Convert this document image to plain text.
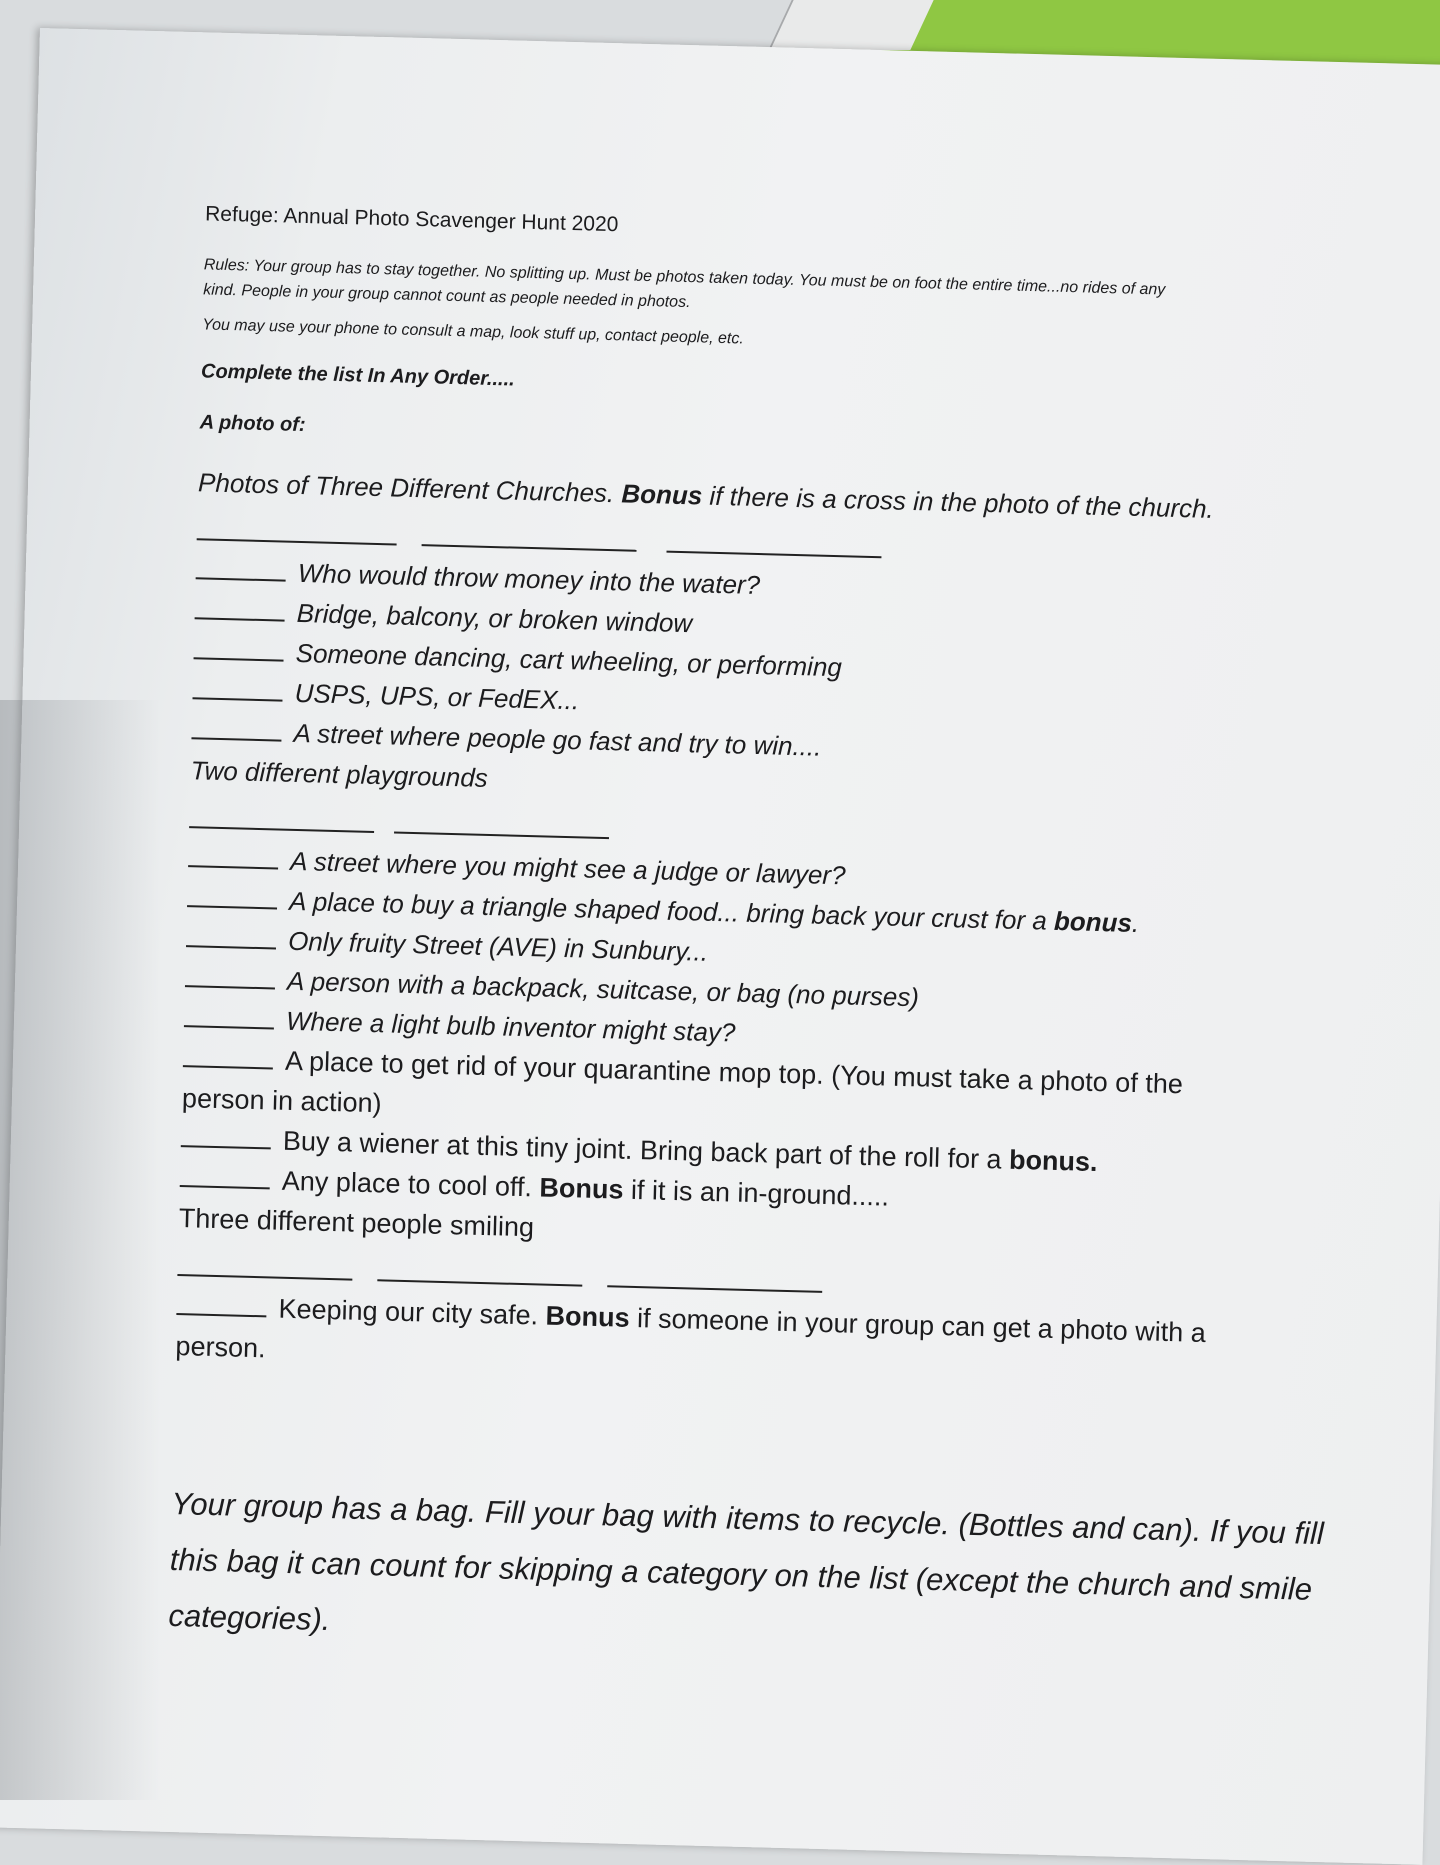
Refuge: Annual Photo Scavenger Hunt 2020

Rules: Your group has to stay together. No splitting up. Must be photos taken today. You must be on foot the entire time...no rides of any kind. People in your group cannot count as people needed in photos.

You may use your phone to consult a map, look stuff up, contact people, etc.

Complete the list In Any Order.....

A photo of:

Photos of Three Different Churches. Bonus if there is a cross in the photo of the church.

Who would throw money into the water?

Bridge, balcony, or broken window

Someone dancing, cart wheeling, or performing

USPS, UPS, or FedEX...

A street where people go fast and try to win....

Two different playgrounds

A street where you might see a judge or lawyer?

A place to buy a triangle shaped food... bring back your crust for a bonus.

Only fruity Street (AVE) in Sunbury...

A person with a backpack, suitcase, or bag (no purses)

Where a light bulb inventor might stay?

A place to get rid of your quarantine mop top. (You must take a photo of the

person in action)

Buy a wiener at this tiny joint. Bring back part of the roll for a bonus.

Any place to cool off. Bonus if it is an in-ground.....

Three different people smiling

Keeping our city safe. Bonus if someone in your group can get a photo with a

person.

Your group has a bag. Fill your bag with items to recycle. (Bottles and can). If you fill this bag it can count for skipping a category on the list (except the church and smile categories).
